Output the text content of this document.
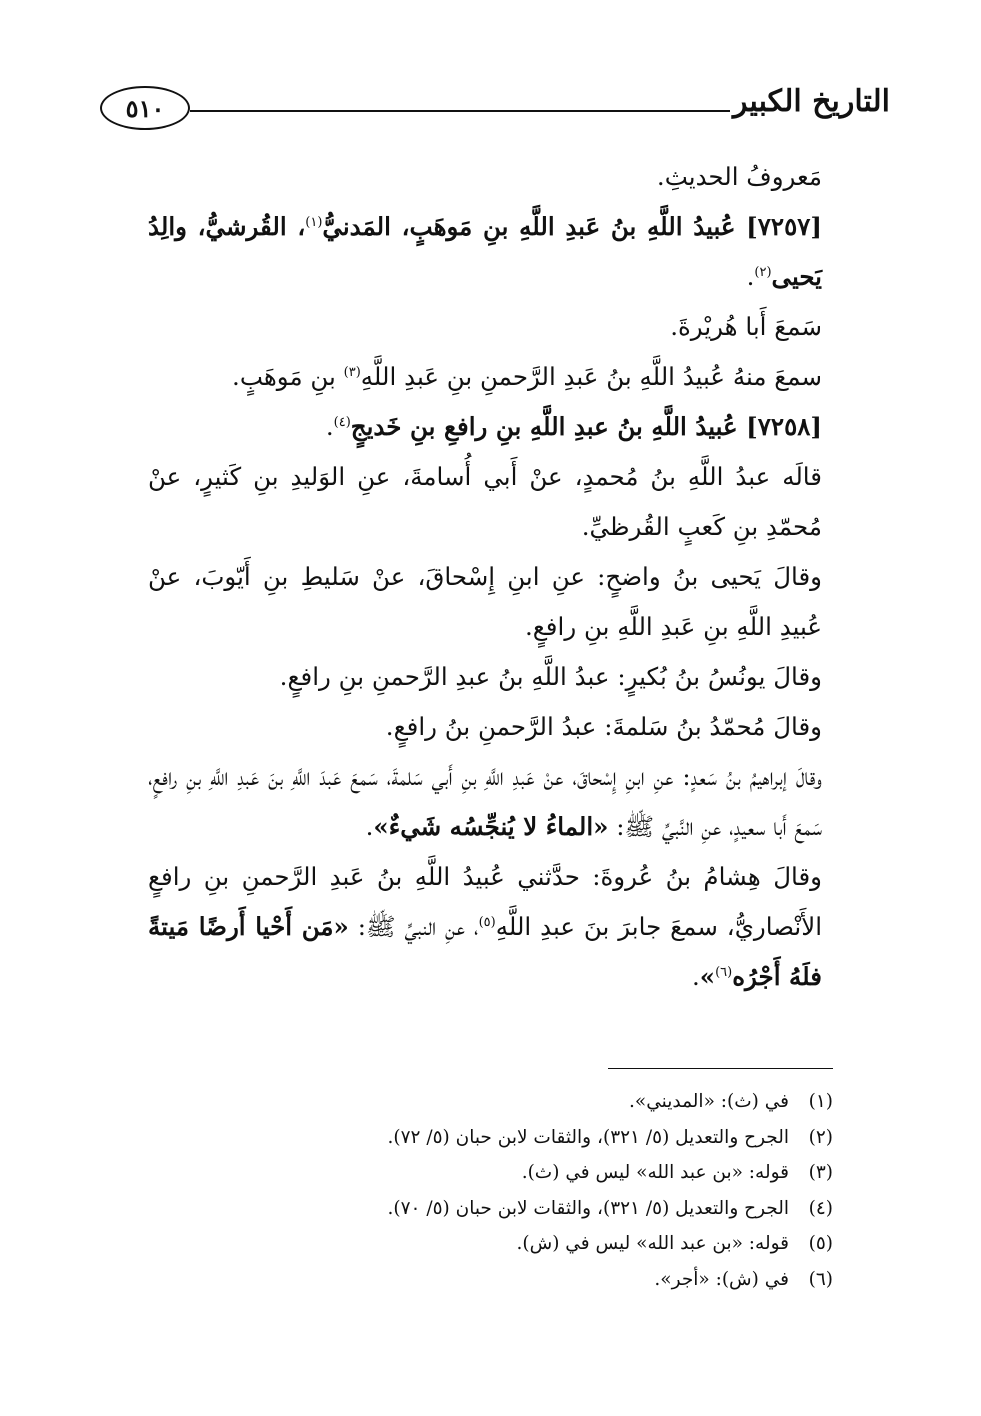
التاريخ الكبير
٥١٠

مَعروفُ الحديثِ.

[٧٢٥٧] عُبيدُ اللَّهِ بنُ عَبدِ اللَّهِ بنِ مَوهَبٍ، المَدنيُّ$^{(١)}$، القُرشيُّ، والِدُ يَحيى$^{(٢)}$.

سَمعَ أَبا هُريْرةَ.

سمعَ منهُ عُبيدُ اللَّهِ بنُ عَبدِ الرَّحمنِ بنِ عَبدِ اللَّهِ$^{(٣)}$ بنِ مَوهَبٍ.

[٧٢٥٨] عُبيدُ اللَّهِ بنُ عبدِ اللَّهِ بنِ رافعِ بنِ خَديجٍ$^{(٤)}$.

قالَه عبدُ اللَّهِ بنُ مُحمدٍ، عنْ أَبي أُسامةَ، عنِ الوَليدِ بنِ كَثيرٍ، عنْ مُحمّدِ بنِ كَعبٍ القُرظيِّ.

وقالَ يَحيى بنُ واضحٍ: عنِ ابنِ إِسْحاقَ، عنْ سَليطِ بنِ أَيّوبَ، عنْ عُبيدِ اللَّهِ بنِ عَبدِ اللَّهِ بنِ رافعٍ.

وقالَ يونُسُ بنُ بُكيرٍ: عبدُ اللَّهِ بنُ عبدِ الرَّحمنِ بنِ رافعٍ.

وقالَ مُحمّدُ بنُ سَلمةَ: عبدُ الرَّحمنِ بنُ رافعٍ.

وقالَ إبراهيمُ بنُ سَعدٍ: عنِ ابنِ إِسْحاقَ، عنْ عَبدِ اللَّهِ بنِ أَبي سَلمةَ، سَمعَ عَبدَ اللَّهِ بنَ عَبدِ اللَّهِ بنِ رافعٍ، سَمعَ أَبا سعيدٍ، عنِ النَّبيِّ ﷺ: «الماءُ لا يُنجِّسُه شَيءٌ».

وقالَ هِشامُ بنُ عُروةَ: حدَّثني عُبيدُ اللَّهِ بنُ عَبدِ الرَّحمنِ بنِ رافعٍ الأَنْصاريُّ، سمعَ جابرَ بنَ عبدِ اللَّهِ$^{(٥)}$، عنِ النبيِّ ﷺ: «مَن أَحْيا أَرضًا مَيتةً فلَهُ أَجْرُه$^{(٦)}$».

(١)
في (ث): «المديني».
(٢)
الجرح والتعديل (٥/ ٣٢١)، والثقات لابن حبان (٥/ ٧٢).
(٣)
قوله: «بن عبد الله» ليس في (ث).
(٤)
الجرح والتعديل (٥/ ٣٢١)، والثقات لابن حبان (٥/ ٧٠).
(٥)
قوله: «بن عبد الله» ليس في (ش).
(٦)
في (ش): «أجر».
